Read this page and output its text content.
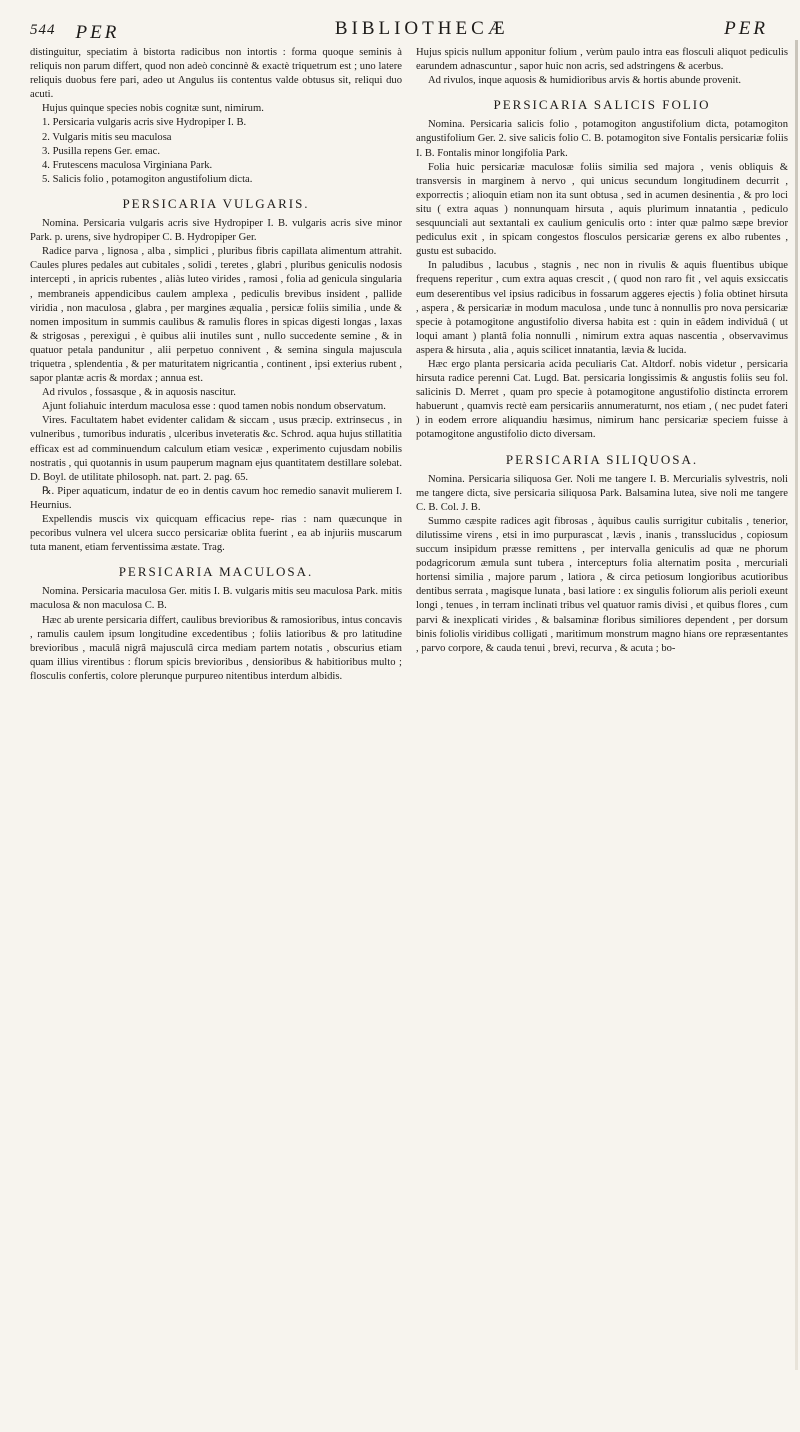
544 PER	BIBLIOTHECÆ	PER

distinguitur, speciatim à bistorta radicibus non intortis : forma quoque seminis à reliquis non parum differt, quod non adeò concinnè & exactè triquetrum est ; uno latere reliquis duobus fere pari, adeo ut Angulus iis contentus valde obtusus sit, reliqui duo acuti.

Hujus quinque species nobis cognitæ sunt, nimirum.

1. Persicaria vulgaris acris sive Hydropiper I. B.

2. Vulgaris mitis seu maculosa

3. Pusilla repens Ger. emac.

4. Frutescens maculosa Virginiana Park.

5. Salicis folio , potamogiton angustifolium dicta.

PERSICARIA VULGARIS.

Nomina. Persicaria vulgaris acris sive Hydropiper I. B. vulgaris acris sive minor Park. p. urens, sive hydropiper C. B. Hydropiper Ger.

Radice parva , lignosa , alba , simplici , pluribus fibris capillata alimentum attrahit. Caules plures pedales aut cubitales , solidi , teretes , glabri , pluribus geniculis nodosis intercepti , in apricis rubentes , aliàs luteo virides , ramosi , folia ad genicula singularia , membraneis appendicibus caulem amplexa , pediculis brevibus insident , pallide viridia , non maculosa , glabra , per margines æqualia , persicæ foliis similia , unde & nomen impositum in summis caulibus & ramulis flores in spicas digesti longas , laxas & strigosas , perexigui , è quibus alii inutiles sunt , nullo succedente semine , & in quatuor petala pandunitur , alii perpetuo connivent , & semina singula majuscula triquetra , splendentia , & per maturitatem nigricantia , continent , ipsi exterius rubent , sapor plantæ acris & mordax ; annua est.

Ad rivulos , fossasque , & in aquosis nascitur.

Ajunt foliahuic interdum maculosa esse : quod tamen nobis nondum observatum.

Vires. Facultatem habet evidenter calidam & siccam , usus præcip. extrinsecus , in vulneribus , tumoribus induratis , ulceribus inveteratis &c. Schrod. aqua hujus stillatitia efficax est ad comminuendum calculum etiam vesicæ , experimento cujusdam nobilis nostratis , qui quotannis in usum pauperum magnam ejus quantitatem destillare solebat. D. Boyl. de utilitate philosoph. nat. part. 2. pag. 65.

℞. Piper aquaticum, indatur de eo in dentis cavum hoc remedio sanavit mulierem I. Heurnius.

Expellendis muscis vix quicquam efficacius repe- rias : nam quæcunque in pecoribus vulnera vel ulcera succo persicariæ oblita fuerint , ea ab injuriis muscarum tuta manent, etiam ferventissima æstate. Trag.

PERSICARIA MACULOSA.

Nomina. Persicaria maculosa Ger. mitis I. B. vulgaris mitis seu maculosa Park. mitis maculosa & non maculosa C. B.

Hæc ab urente persicaria differt, caulibus brevioribus & ramosioribus, intus concavis , ramulis caulem ipsum longitudine excedentibus ; foliis latioribus & pro latitudine brevioribus , maculâ nigrâ majusculâ circa mediam partem notatis , obscurius etiam quam illius virentibus : florum spicis brevioribus , densioribus & habitioribus multo ; flosculis confertis, colore plerunque purpureo nitentibus interdum albidis.

Hujus spicis nullum apponitur folium , verùm paulo intra eas flosculi aliquot pediculis earundem adnascuntur , sapor huic non acris, sed adstringens & acerbus.

Ad rivulos, inque aquosis & humidioribus arvis & hortis abunde provenit.

PERSICARIA SALICIS FOLIO

Nomina. Persicaria salicis folio , potamogiton angustifolium dicta, potamogiton angustifolium Ger. 2. sive salicis folio C. B. potamogiton sive Fontalis persicariæ foliis I. B. Fontalis minor longifolia Park.

Folia huic persicariæ maculosæ foliis similia sed majora , venis obliquis & transversis in marginem à nervo , qui unicus secundum longitudinem decurrit , exporrectis ; alioquin etiam non ita sunt obtusa , sed in acumen desinentia , & pro loci situ ( extra aquas ) nonnunquam hirsuta , aquis plurimum innatantia , pediculo sesquunciali aut sextantali ex caulium geniculis orto : inter quæ palmo sæpe brevior pediculus exit , in spicam congestos flosculos persicariæ gerens ex albo rubentes , gustu est subacido.

In paludibus , lacubus , stagnis , nec non in rivulis & aquis fluentibus ubique frequens reperitur , cum extra aquas crescit , ( quod non raro fit , vel aquis exsiccatis eum deserentibus vel ipsius radicibus in fossarum aggeres ejectis ) folia obtinet hirsuta , aspera , & persicariæ in modum maculosa , unde tunc à nonnullis pro nova persicariæ specie à potamogitone angustifolio diversa habita est : quin in eâdem individuâ ( ut loqui amant ) plantâ folia nonnulli , nimirum extra aquas nascentia , observavimus aspera & hirsuta , alia , aquis scilicet innatantia, lævia & lucida.

Hæc ergo planta persicaria acida peculiaris Cat. Altdorf. nobis videtur , persicaria hirsuta radice perenni Cat. Lugd. Bat. persicaria longissimis & angustis foliis seu fol. salicinis D. Merret , quam pro specie à potamogitone angustifolio distincta errorem habuerunt , quamvis rectè eam persicariis annumeraturnt, nos etiam , ( nec pudet fateri ) in eodem errore aliquandiu hæsimus, nimirum hanc persicariæ speciem fuisse à potamogitone angustifolio dicto diversam.

PERSICARIA SILIQUOSA.

Nomina. Persicaria siliquosa Ger. Noli me tangere I. B. Mercurialis sylvestris, noli me tangere dicta, sive persicaria siliquosa Park. Balsamina lutea, sive noli me tangere C. B. Col. J. B.

Summo cæspite radices agit fibrosas , àquibus caulis surrigitur cubitalis , tenerior, dilutissime virens , etsi in imo purpurascat , lævis , inanis , transslucidus , copiosum succum insipidum præsse remittens , per intervalla geniculis ad quæ ne phorum podagricorum æmula sunt tubera , intercepturs folia alternatim posita , mercuriali hortensi similia , majore parum , latiora , & circa petiosum longioribus acutioribus dentibus serrata , magisque lunata , basi latiore : ex singulis foliorum alis perioli exeunt longi , tenues , in terram inclinati tribus vel quatuor ramis divisi , et quibus flores , cum parvi & inexplicati virides , & balsaminæ floribus similiores dependent , per dorsum binis foliolis viridibus colligati , maritimum monstrum magno hians ore repræsentantes , parvo corpore, & cauda tenui , brevi, recurva , & acuta ; bo-
